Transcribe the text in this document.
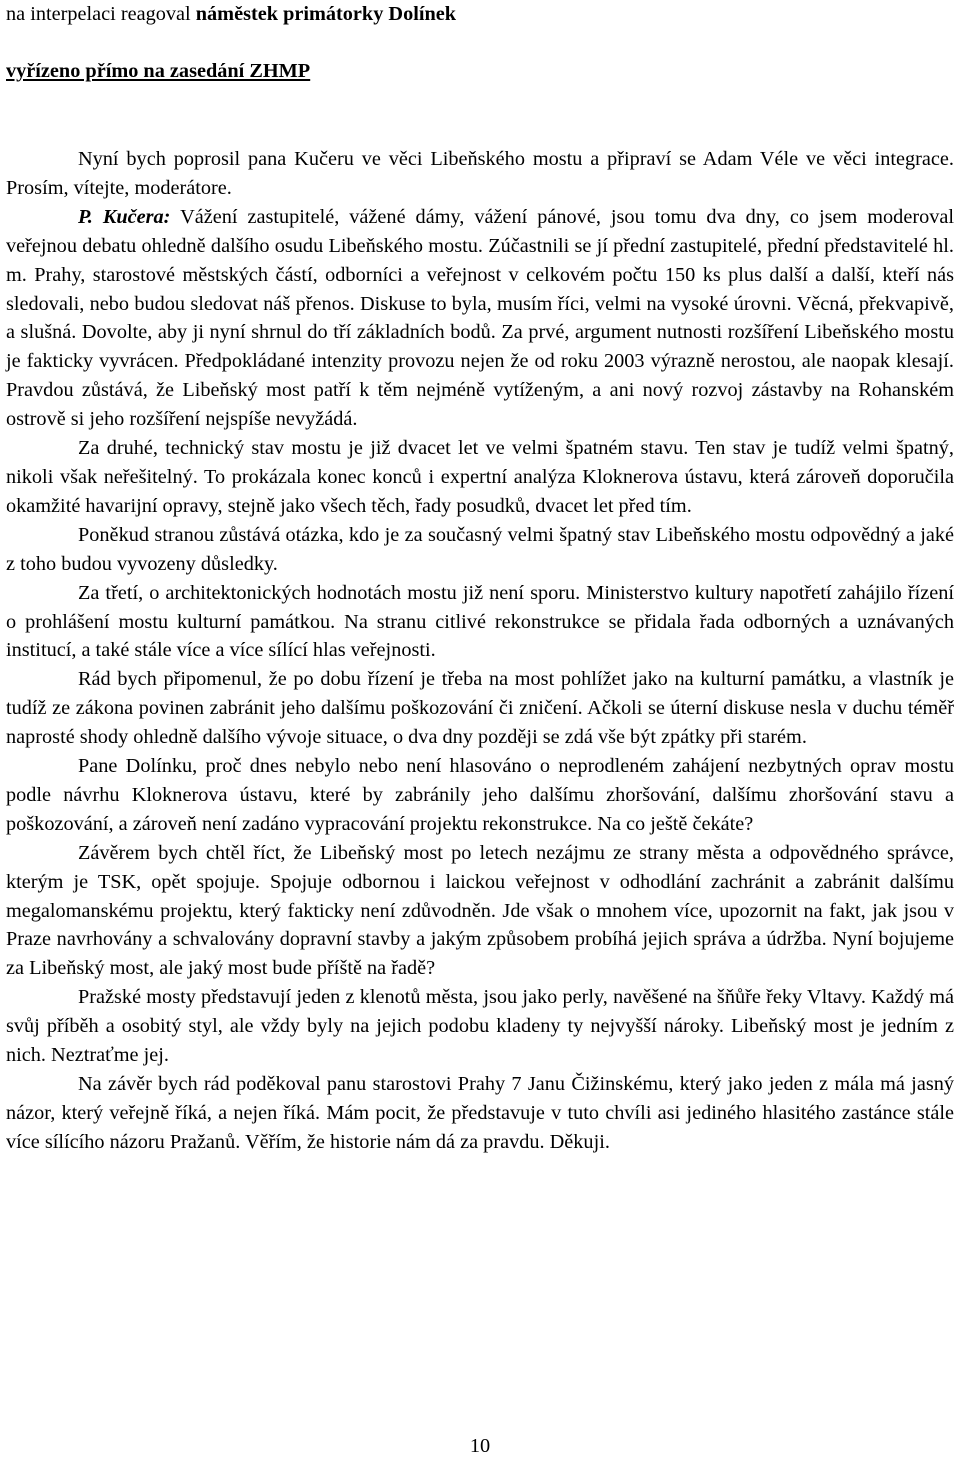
na interpelaci reagoval náměstek primátorky Dolínek
vyřízeno přímo na zasedání ZHMP

Nyní bych poprosil pana Kučeru ve věci Libeňského mostu a připraví se Adam Véle ve věci integrace. Prosím, vítejte, moderátore.

P. Kučera: Vážení zastupitelé, vážené dámy, vážení pánové, jsou tomu dva dny, co jsem moderoval veřejnou debatu ohledně dalšího osudu Libeňského mostu. Zúčastnili se jí přední zastupitelé, přední představitelé hl. m. Prahy, starostové městských částí, odborníci a veřejnost v celkovém počtu 150 ks plus další a další, kteří nás sledovali, nebo budou sledovat náš přenos. Diskuse to byla, musím říci, velmi na vysoké úrovni. Věcná, překvapivě, a slušná. Dovolte, aby ji nyní shrnul do tří základních bodů. Za prvé, argument nutnosti rozšíření Libeňského mostu je fakticky vyvrácen. Předpokládané intenzity provozu nejen že od roku 2003 výrazně nerostou, ale naopak klesají. Pravdou zůstává, že Libeňský most patří k těm nejméně vytíženým, a ani nový rozvoj zástavby na Rohanském ostrově si jeho rozšíření nejspíše nevyžádá.

Za druhé, technický stav mostu je již dvacet let ve velmi špatném stavu. Ten stav je tudíž velmi špatný, nikoli však neřešitelný. To prokázala konec konců i expertní analýza Kloknerova ústavu, která zároveň doporučila okamžité havarijní opravy, stejně jako všech těch, řady posudků, dvacet let před tím.

Poněkud stranou zůstává otázka, kdo je za současný velmi špatný stav Libeňského mostu odpovědný a jaké z toho budou vyvozeny důsledky.

Za třetí, o architektonických hodnotách mostu již není sporu. Ministerstvo kultury napotřetí zahájilo řízení o prohlášení mostu kulturní památkou. Na stranu citlivé rekonstrukce se přidala řada odborných a uznávaných institucí, a také stále více a více sílící hlas veřejnosti.

Rád bych připomenul, že po dobu řízení je třeba na most pohlížet jako na kulturní památku, a vlastník je tudíž ze zákona povinen zabránit jeho dalšímu poškozování či zničení. Ačkoli se úterní diskuse nesla v duchu téměř naprosté shody ohledně dalšího vývoje situace, o dva dny později se zdá vše být zpátky při starém.

Pane Dolínku, proč dnes nebylo nebo není hlasováno o neprodleném zahájení nezbytných oprav mostu podle návrhu Kloknerova ústavu, které by zabránily jeho dalšímu zhoršování, dalšímu zhoršování stavu a poškozování, a zároveň není zadáno vypracování projektu rekonstrukce. Na co ještě čekáte?

Závěrem bych chtěl říct, že Libeňský most po letech nezájmu ze strany města a odpovědného správce, kterým je TSK, opět spojuje. Spojuje odbornou i laickou veřejnost v odhodlání zachránit a zabránit dalšímu megalomanskému projektu, který fakticky není zdůvodněn. Jde však o mnohem více, upozornit na fakt, jak jsou v Praze navrhovány a schvalovány dopravní stavby a jakým způsobem probíhá jejich správa a údržba. Nyní bojujeme za Libeňský most, ale jaký most bude příště na řadě?

Pražské mosty představují jeden z klenotů města, jsou jako perly, navěšené na šňůře řeky Vltavy. Každý má svůj příběh a osobitý styl, ale vždy byly na jejich podobu kladeny ty nejvyšší nároky. Libeňský most je jedním z nich. Neztraťme jej.

Na závěr bych rád poděkoval panu starostovi Prahy 7 Janu Čižinskému, který jako jeden z mála má jasný názor, který veřejně říká, a nejen říká. Mám pocit, že představuje v tuto chvíli asi jediného hlasitého zastánce stále více sílícího názoru Pražanů. Věřím, že historie nám dá za pravdu. Děkuji.

10
